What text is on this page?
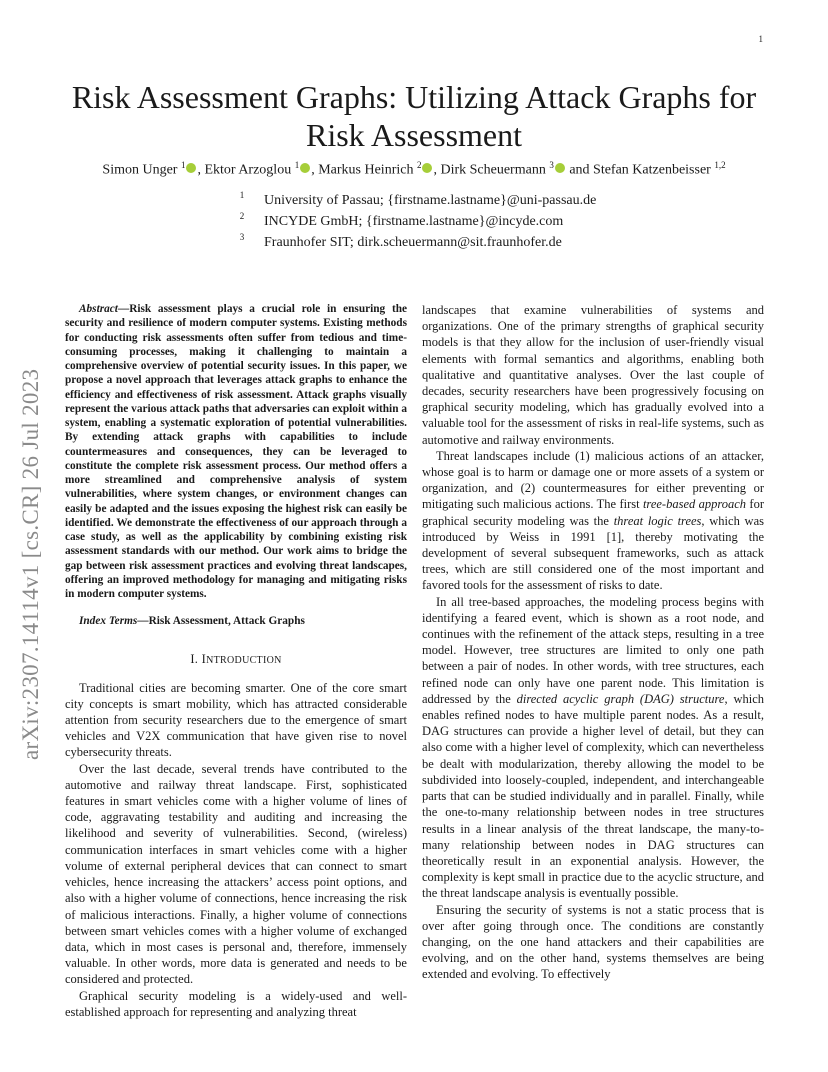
1
arXiv:2307.14114v1 [cs.CR] 26 Jul 2023
Risk Assessment Graphs: Utilizing Attack Graphs for Risk Assessment
Simon Unger $^1$ , Ektor Arzoglou $^1$ , Markus Heinrich $^2$ , Dirk Scheuermann $^3$ and Stefan Katzenbeisser $^{1,2}$
1	University of Passau; {firstname.lastname}@uni-passau.de
2	INCYDE GmbH; {firstname.lastname}@incyde.com
3	Fraunhofer SIT; dirk.scheuermann@sit.fraunhofer.de
Abstract—Risk assessment plays a crucial role in ensuring the security and resilience of modern computer systems. Existing methods for conducting risk assessments often suffer from tedious and time-consuming processes, making it challenging to maintain a comprehensive overview of potential security issues. In this paper, we propose a novel approach that leverages attack graphs to enhance the efficiency and effectiveness of risk assessment. Attack graphs visually represent the various attack paths that adversaries can exploit within a system, enabling a systematic exploration of potential vulnerabilities. By extending attack graphs with capabilities to include countermeasures and consequences, they can be leveraged to constitute the complete risk assessment process. Our method offers a more streamlined and comprehensive analysis of system vulnerabilities, where system changes, or environment changes can easily be adapted and the issues exposing the highest risk can easily be identified. We demonstrate the effectiveness of our approach through a case study, as well as the applicability by combining existing risk assessment standards with our method. Our work aims to bridge the gap between risk assessment practices and evolving threat landscapes, offering an improved methodology for managing and mitigating risks in modern computer systems.
Index Terms—Risk Assessment, Attack Graphs
I. INTRODUCTION

Traditional cities are becoming smarter. One of the core smart city concepts is smart mobility, which has attracted considerable attention from security researchers due to the emergence of smart vehicles and V2X communication that have given rise to novel cybersecurity threats.

Over the last decade, several trends have contributed to the automotive and railway threat landscape. First, sophisticated features in smart vehicles come with a higher volume of lines of code, aggravating testability and auditing and increasing the likelihood and severity of vulnerabilities. Second, (wireless) communication interfaces in smart vehicles come with a higher volume of external peripheral devices that can connect to smart vehicles, hence increasing the attackers’ access point options, and also with a higher volume of connections, hence increasing the risk of malicious interactions. Finally, a higher volume of connections between smart vehicles comes with a higher volume of exchanged data, which in most cases is personal and, therefore, immensely valuable. In other words, more data is generated and needs to be considered and protected.

Graphical security modeling is a widely-used and well-established approach for representing and analyzing threat

landscapes that examine vulnerabilities of systems and organizations. One of the primary strengths of graphical security models is that they allow for the inclusion of user-friendly visual elements with formal semantics and algorithms, enabling both qualitative and quantitative analyses. Over the last couple of decades, security researchers have been progressively focusing on graphical security modeling, which has gradually evolved into a valuable tool for the assessment of risks in real-life systems, such as automotive and railway environments.

Threat landscapes include (1) malicious actions of an attacker, whose goal is to harm or damage one or more assets of a system or organization, and (2) countermeasures for either preventing or mitigating such malicious actions. The first tree-based approach for graphical security modeling was the threat logic trees, which was introduced by Weiss in 1991 [1], thereby motivating the development of several subsequent frameworks, such as attack trees, which are still considered one of the most important and favored tools for the assessment of risks to date.

In all tree-based approaches, the modeling process begins with identifying a feared event, which is shown as a root node, and continues with the refinement of the attack steps, resulting in a tree model. However, tree structures are limited to only one path between a pair of nodes. In other words, with tree structures, each refined node can only have one parent node. This limitation is addressed by the directed acyclic graph (DAG) structure, which enables refined nodes to have multiple parent nodes. As a result, DAG structures can provide a higher level of detail, but they can also come with a higher level of complexity, which can nevertheless be dealt with modularization, thereby allowing the model to be subdivided into loosely-coupled, independent, and interchangeable parts that can be studied individually and in parallel. Finally, while the one-to-many relationship between nodes in tree structures results in a linear analysis of the threat landscape, the many-to-many relationship between nodes in DAG structures can theoretically result in an exponential analysis. However, the complexity is kept small in practice due to the acyclic structure, and the threat landscape analysis is eventually possible.

Ensuring the security of systems is not a static process that is over after going through once. The conditions are constantly changing, on the one hand attackers and their capabilities are evolving, and on the other hand, systems themselves are being extended and evolving. To effectively
